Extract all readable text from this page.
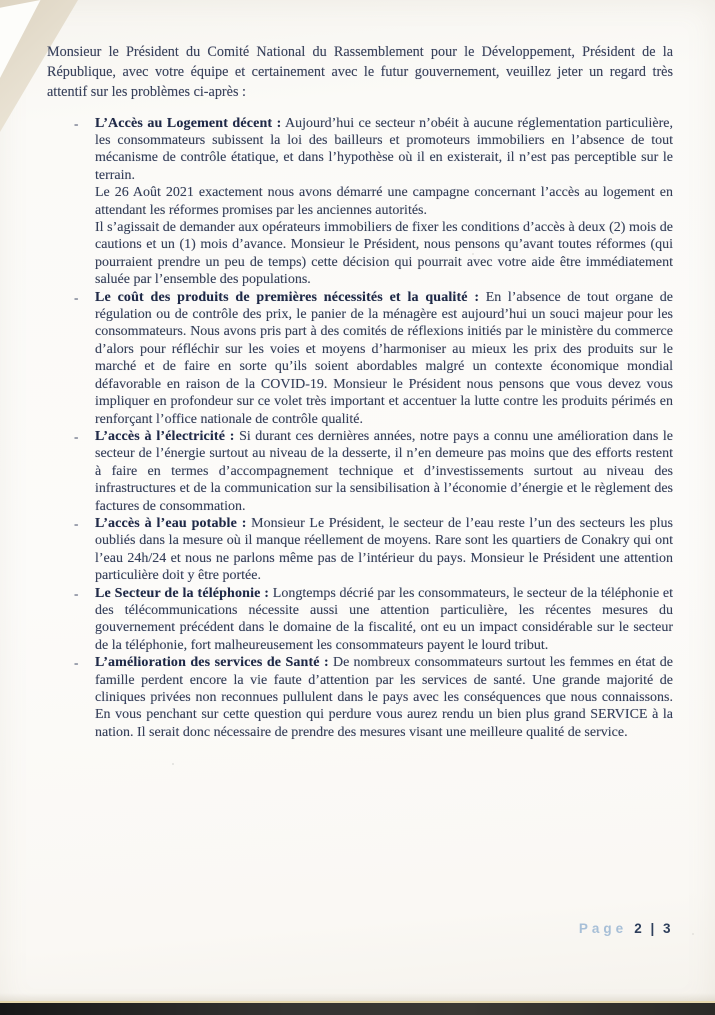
Monsieur le Président du Comité National du Rassemblement pour le Développement, Président de la République, avec votre équipe et certainement avec le futur gouvernement, veuillez jeter un regard très attentif sur les problèmes ci-après :

- L’Accès au Logement décent : Aujourd’hui ce secteur n’obéit à aucune réglementation particulière, les consommateurs subissent la loi des bailleurs et promoteurs immobiliers en l’absence de tout mécanisme de contrôle étatique, et dans l’hypothèse où il en existerait, il n’est pas perceptible sur le terrain.

Le 26 Août 2021 exactement nous avons démarré une campagne concernant l’accès au logement en attendant les réformes promises par les anciennes autorités.

Il s’agissait de demander aux opérateurs immobiliers de fixer les conditions d’accès à deux (2) mois de cautions et un (1) mois d’avance. Monsieur le Président, nous pensons qu’avant toutes réformes (qui pourraient prendre un peu de temps) cette décision qui pourrait avec votre aide être immédiatement saluée par l’ensemble des populations.

- Le coût des produits de premières nécessités et la qualité : En l’absence de tout organe de régulation ou de contrôle des prix, le panier de la ménagère est aujourd’hui un souci majeur pour les consommateurs. Nous avons pris part à des comités de réflexions initiés par le ministère du commerce d’alors pour réfléchir sur les voies et moyens d’harmoniser au mieux les prix des produits sur le marché et de faire en sorte qu’ils soient abordables malgré un contexte économique mondial défavorable en raison de la COVID-19. Monsieur le Président nous pensons que vous devez vous impliquer en profondeur sur ce volet très important et accentuer la lutte contre les produits périmés en renforçant l’office nationale de contrôle qualité.

- L’accès à l’électricité : Si durant ces dernières années, notre pays a connu une amélioration dans le secteur de l’énergie surtout au niveau de la desserte, il n’en demeure pas moins que des efforts restent à faire en termes d’accompagnement technique et d’investissements surtout au niveau des infrastructures et de la communication sur la sensibilisation à l’économie d’énergie et le règlement des factures de consommation.

- L’accès à l’eau potable : Monsieur Le Président, le secteur de l’eau reste l’un des secteurs les plus oubliés dans la mesure où il manque réellement de moyens. Rare sont les quartiers de Conakry qui ont l’eau 24h/24 et nous ne parlons même pas de l’intérieur du pays. Monsieur le Président une attention particulière doit y être portée.

- Le Secteur de la téléphonie : Longtemps décrié par les consommateurs, le secteur de la téléphonie et des télécommunications nécessite aussi une attention particulière, les récentes mesures du gouvernement précédent dans le domaine de la fiscalité, ont eu un impact considérable sur le secteur de la téléphonie, fort malheureusement les consommateurs payent le lourd tribut.

- L’amélioration des services de Santé : De nombreux consommateurs surtout les femmes en état de famille perdent encore la vie faute d’attention par les services de santé. Une grande majorité de cliniques privées non reconnues pullulent dans le pays avec les conséquences que nous connaissons. En vous penchant sur cette question qui perdure vous aurez rendu un bien plus grand SERVICE à la nation. Il serait donc nécessaire de prendre des mesures visant une meilleure qualité de service.

Page 2 | 3
